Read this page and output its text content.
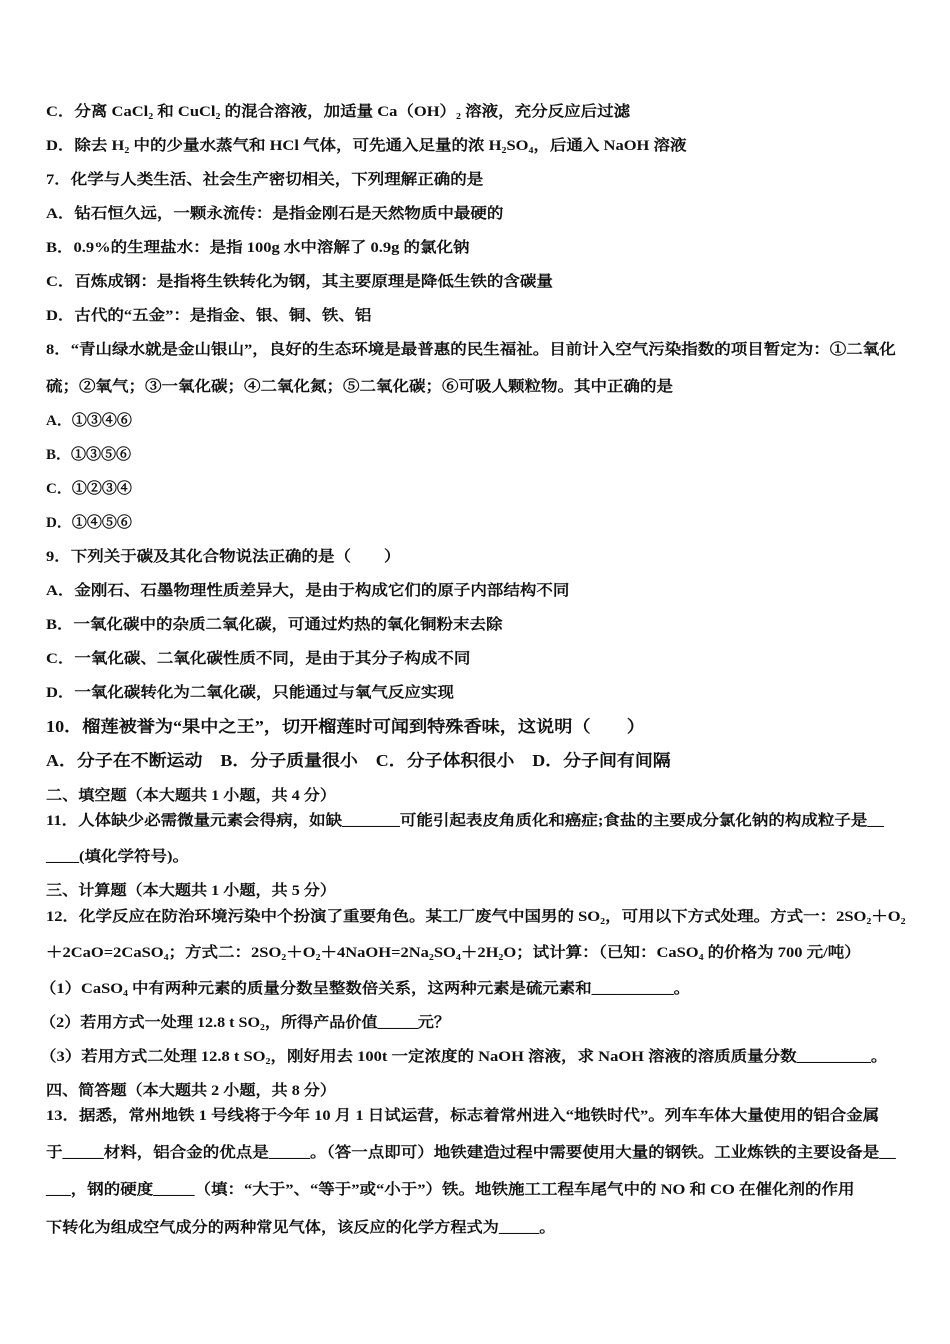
C．分离 CaCl₂ 和 CuCl₂ 的混合溶液，加适量 Ca（OH）₂ 溶液，充分反应后过滤
D．除去 H₂ 中的少量水蒸气和 HCl 气体，可先通入足量的浓 H₂SO₄，后通入 NaOH 溶液
7．化学与人类生活、社会生产密切相关，下列理解正确的是
A．钻石恒久远，一颗永流传：是指金刚石是天然物质中最硬的
B．0.9%的生理盐水：是指 100g 水中溶解了 0.9g 的氯化钠
C．百炼成钢：是指将生铁转化为钢，其主要原理是降低生铁的含碳量
D．古代的“五金”：是指金、银、铜、铁、铝
8．“青山绿水就是金山银山”，良好的生态环境是最普惠的民生福祉。目前计入空气污染指数的项目暂定为：①二氧化
硫；②氧气；③一氧化碳；④二氧化氮；⑤二氧化碳；⑥可吸人颗粒物。其中正确的是
A．①③④⑥
B．①③⑤⑥
C．①②③④
D．①④⑤⑥
9．下列关于碳及其化合物说法正确的是（　　）
A．金刚石、石墨物理性质差异大，是由于构成它们的原子内部结构不同
B．一氧化碳中的杂质二氧化碳，可通过灼热的氧化铜粉末去除
C．一氧化碳、二氧化碳性质不同，是由于其分子构成不同
D．一氧化碳转化为二氧化碳，只能通过与氧气反应实现
10．榴莲被誉为“果中之王”，切开榴莲时可闻到特殊香味，这说明（　　）
A．分子在不断运动　B．分子质量很小　C．分子体积很小　D．分子间有间隔
二、填空题（本大题共 1 小题，共 4 分）
11．人体缺少必需微量元素会得病，如缺_______可能引起表皮角质化和癌症;食盐的主要成分氯化钠的构成粒子是__
____(填化学符号)。
三、计算题（本大题共 1 小题，共 5 分）
12．化学反应在防治环境污染中个扮演了重要角色。某工厂废气中国男的 SO₂，可用以下方式处理。方式一：2SO₂＋O₂
＋2CaO=2CaSO₄；方式二：2SO₂＋O₂＋4NaOH=2Na₂SO₄＋2H₂O；试计算：（已知：CaSO₄ 的价格为 700 元/吨）
（1）CaSO₄ 中有两种元素的质量分数呈整数倍关系，这两种元素是硫元素和__________。
（2）若用方式一处理 12.8 t SO₂，所得产品价值_____元？
（3）若用方式二处理 12.8 t SO₂，刚好用去 100t 一定浓度的 NaOH 溶液，求 NaOH 溶液的溶质质量分数_________。
四、简答题（本大题共 2 小题，共 8 分）
13．据悉，常州地铁 1 号线将于今年 10 月 1 日试运营，标志着常州进入“地铁时代”。列车车体大量使用的铝合金属
于_____材料，铝合金的优点是_____。（答一点即可）地铁建造过程中需要使用大量的钢铁。工业炼铁的主要设备是__
___，钢的硬度_____（填：“大于”、“等于”或“小于”）铁。地铁施工工程车尾气中的 NO 和 CO 在催化剂的作用
下转化为组成空气成分的两种常见气体，该反应的化学方程式为_____。
